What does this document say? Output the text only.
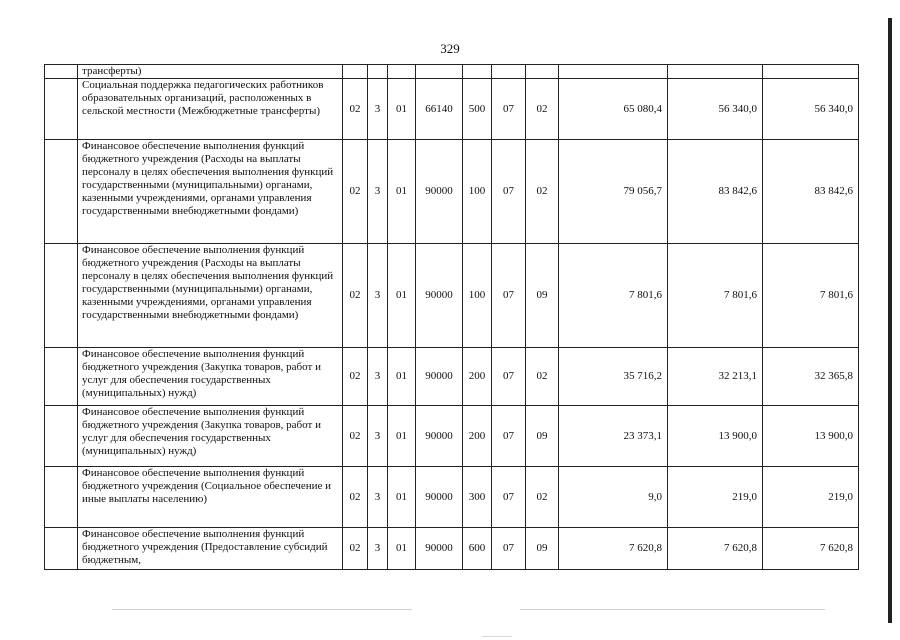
329
	трансферты)										
	Социальная поддержка педагогических работников образовательных организаций, расположенных в сельской местности (Межбюджетные трансферты)	02	3	01	66140	500	07	02	65 080,4	56 340,0	56 340,0
	Финансовое обеспечение выполнения функций бюджетного учреждения (Расходы на выплаты персоналу в целях обеспечения выполнения функций государственными (муниципальными) органами, казенными учреждениями, органами управления государственными внебюджетными фондами)	02	3	01	90000	100	07	02	79 056,7	83 842,6	83 842,6
	Финансовое обеспечение выполнения функций бюджетного учреждения (Расходы на выплаты персоналу в целях обеспечения выполнения функций государственными (муниципальными) органами, казенными учреждениями, органами управления государственными внебюджетными фондами)	02	3	01	90000	100	07	09	7 801,6	7 801,6	7 801,6
	Финансовое обеспечение выполнения функций бюджетного учреждения (Закупка товаров, работ и услуг для обеспечения государственных (муниципальных) нужд)	02	3	01	90000	200	07	02	35 716,2	32 213,1	32 365,8
	Финансовое обеспечение выполнения функций бюджетного учреждения (Закупка товаров, работ и услуг для обеспечения государственных (муниципальных) нужд)	02	3	01	90000	200	07	09	23 373,1	13 900,0	13 900,0
	Финансовое обеспечение выполнения функций бюджетного учреждения (Социальное обеспечение и иные выплаты населению)	02	3	01	90000	300	07	02	9,0	219,0	219,0
	Финансовое обеспечение выполнения функций бюджетного учреждения (Предоставление субсидий бюджетным,	02	3	01	90000	600	07	09	7 620,8	7 620,8	7 620,8
